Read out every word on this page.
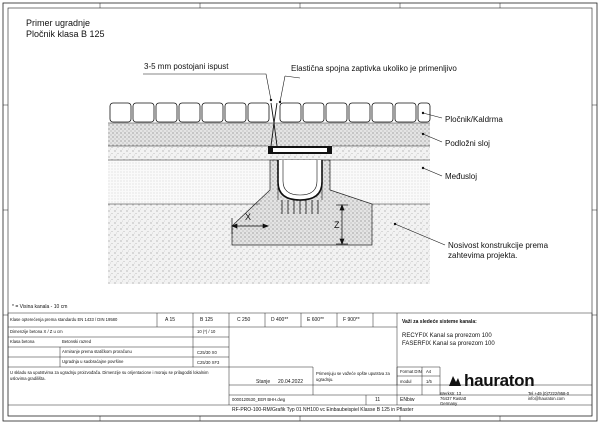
Primer ugradnje
Pločnik klasa B 125
3-5 mm postojani ispust	Elastična spojna zaptivka ukoliko je primenljivo
Pločnik/Kaldrma
Podložni sloj
Međusloj
Nosivost konstrukcije prema
zahtevima projekta.
X
Z
* = Visina kanala - 10 cm
Klase opterećenja prema standardu EN 1433 / DIN 19580	A 15	B 125	C 250	D 400**	E 600**	F 900**
Dimenzije betona X / Z u cm	10 (*) / 10
Klasa betona	Betonski razred
Armiranje prema statičkom proračunu	C25/30 X0
Ugradnja u saobraćajne površine	C25/30 XF3
U skladu sa uputstvima za ugradnju proizvođača. Dimenzije su orijentacione i moraju se prilagoditi lokalnim uslovima gradilišta.
Stanje 20.04.2022
Primenjuju se važeće opšte uputstva za ugradnju.
0000120530_EER BHH.dwg	11	ENbiw
RF-PRO-100-RM/Grafik Typ 01 NH100 vc Einbaubeispiel Klasse B 125 in Pflaster
Važi za sledeće sisteme kanala:
RECYFIX Kanal sa prorezom 100
FASERFIX Kanal sa prorezom 100
Format DIN A4
modul	1/5 hauraton
Werkstr. 13
76437 Rastatt
Germany
Tel +49 (0)7222/958-0
info@hauraton.com
